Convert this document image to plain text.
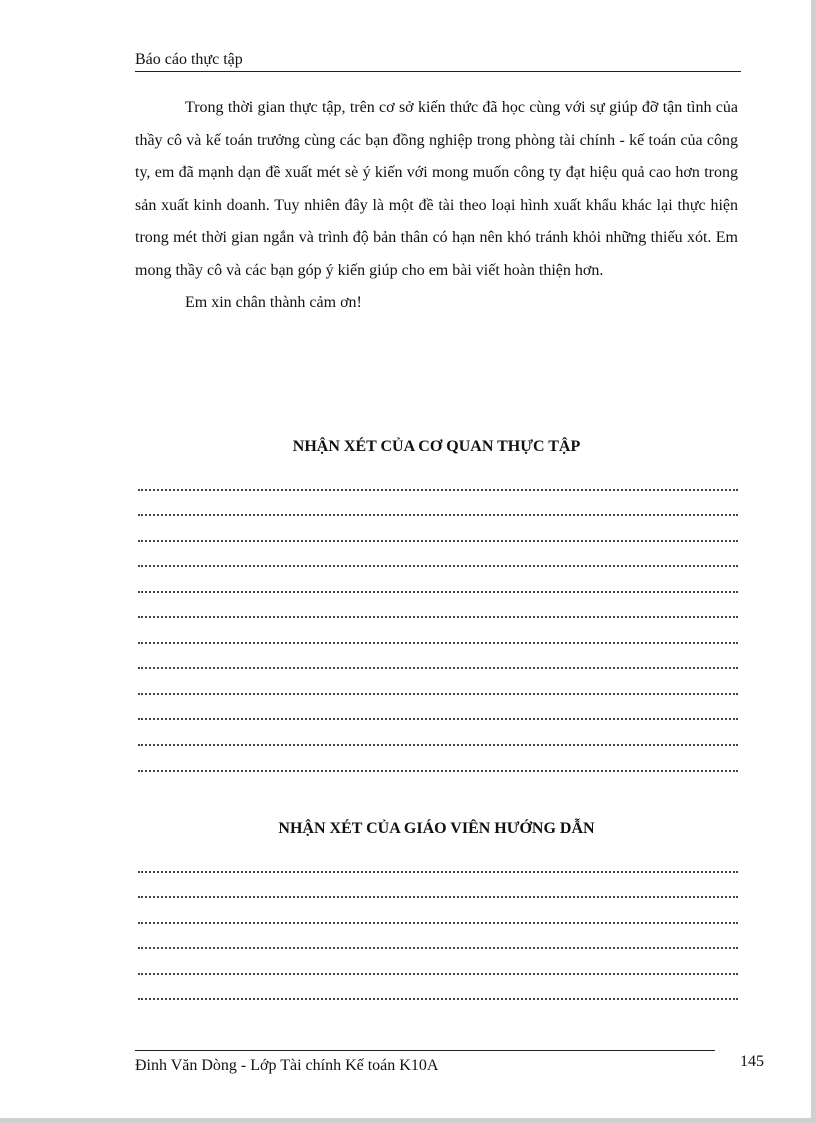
Báo cáo thực tập

Trong thời gian thực tập, trên cơ sở kiến thức đã học cùng với sự giúp đỡ tận tình của thầy cô và kế toán trưởng cùng các bạn đồng nghiệp trong phòng tài chính - kế toán của công ty, em đã mạnh dạn đề xuất mét sè ý kiến với mong muốn công ty đạt hiệu quả cao hơn trong sản xuất kinh doanh. Tuy nhiên đây là một đề tài theo loại hình xuất khẩu khác lại thực hiện trong mét thời gian ngắn và trình độ bản thân có hạn nên khó tránh khỏi những thiếu xót. Em mong thầy cô và các bạn góp ý kiến giúp cho em bài viết hoàn thiện hơn.

Em xin chân thành cảm ơn!

NHẬN XÉT CỦA CƠ QUAN THỰC TẬP
NHẬN XÉT CỦA GIÁO VIÊN HƯỚNG DẪN
Đinh Văn Dòng - Lớp Tài chính Kế toán K10A	145
